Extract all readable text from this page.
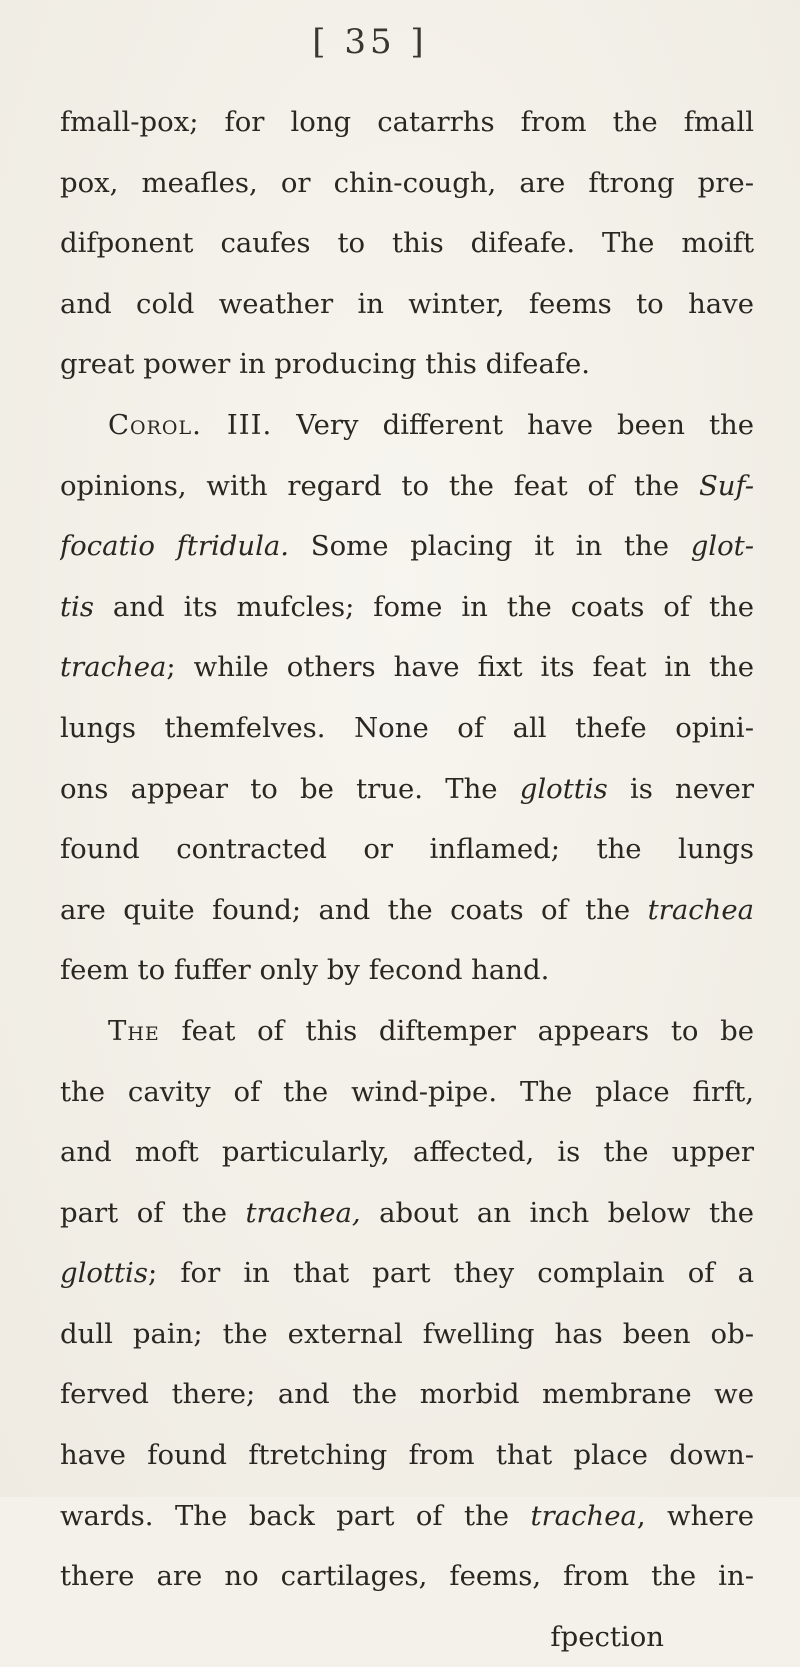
[ 35 ]
fmall-pox; for long catarrhs from the fmall
pox, meafles, or chin-cough, are ftrong pre-
difponent caufes to this difeafe. The moift
and cold weather in winter, feems to have
great power in producing this difeafe.
Corol. III. Very different have been the
opinions, with regard to the feat of the Suf-
focatio ftridula. Some placing it in the glot-
tis and its mufcles; fome in the coats of the
trachea; while others have fixt its feat in the
lungs themfelves. None of all thefe opini-
ons appear to be true. The glottis is never
found contracted or inflamed; the lungs
are quite found; and the coats of the trachea
feem to fuffer only by fecond hand.
The feat of this diftemper appears to be
the cavity of the wind-pipe. The place firft,
and moft particularly, affected, is the upper
part of the trachea, about an inch below the
glottis; for in that part they complain of a
dull pain; the external fwelling has been ob-
ferved there; and the morbid membrane we
have found ftretching from that place down-
wards. The back part of the trachea, where
there are no cartilages, feems, from the in-
fpection
